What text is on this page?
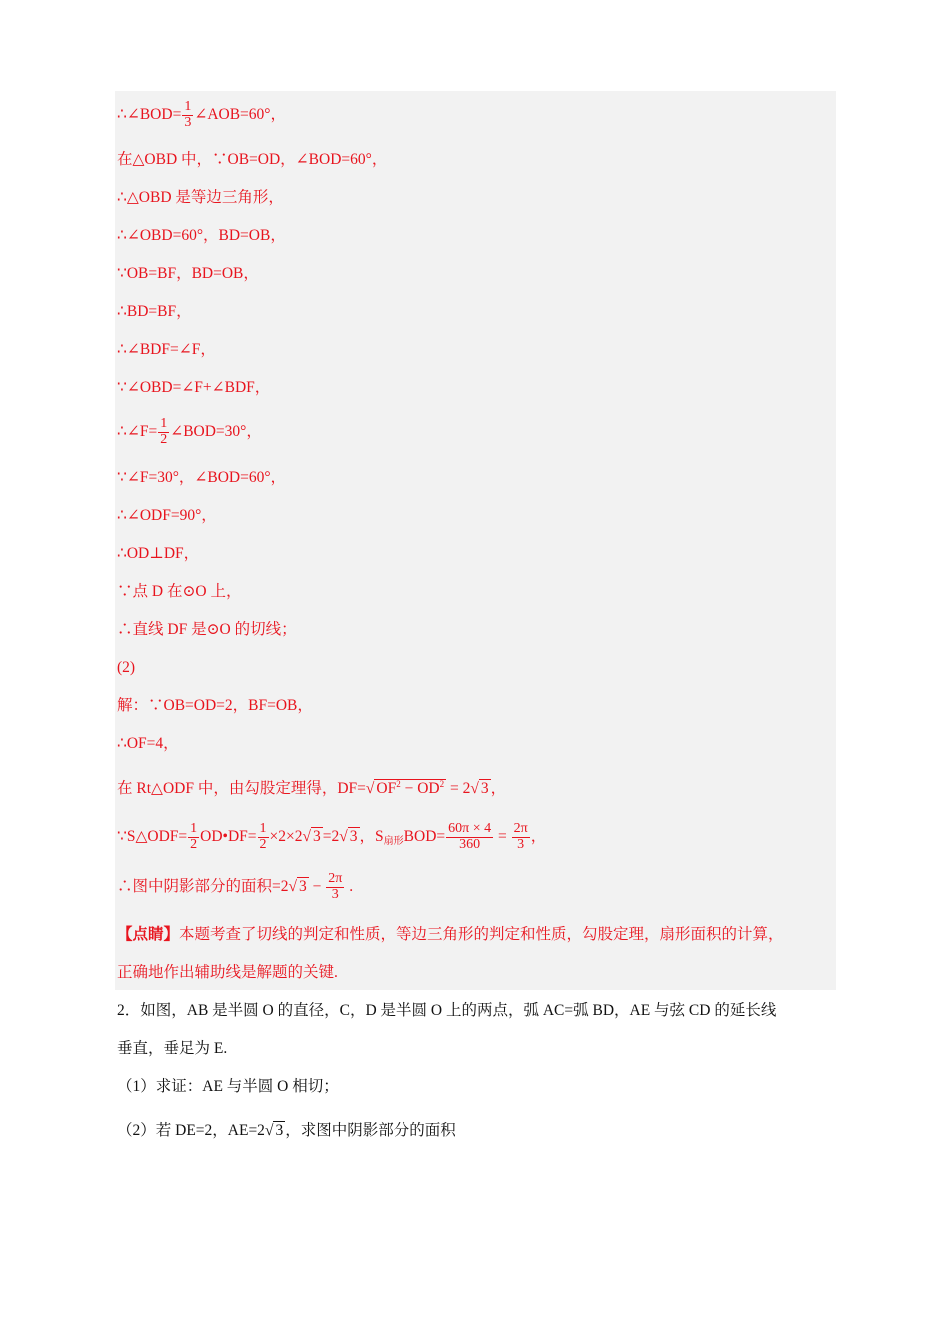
∴∠BOD= $\frac{1}{3}$ ∠AOB=60°，
在△OBD 中，∵OB=OD，∠BOD=60°，
∴△OBD 是等边三角形，
∴∠OBD=60°，BD=OB，
∵OB=BF，BD=OB，
∴BD=BF，
∴∠BDF=∠F，
∵∠OBD=∠F+∠BDF，
∴∠F= $\frac{1}{2}$ ∠BOD=30°，
∵∠F=30°，∠BOD=60°，
∴∠ODF=90°，
∴OD⊥DF，
∵点 D 在⊙O 上，
∴直线 DF 是⊙O 的切线；
(2)
解：∵OB=OD=2，BF=OB，
∴OF=4，
在 Rt△ODF 中，由勾股定理得，DF=√ $OF^2 - OD^2 = 2√$ 3 ，
∵S△ODF= $\frac{1}{2}$ OD•DF= $\frac{1}{2} \times 2\times 2√$ 3 =2√ 3 ，$S_{扇形}BOD= \frac{60\pi \times 4}{360} = \frac{2\pi}{3}$ ，
∴图中阴影部分的面积=2√ $3 - \frac{2\pi}{3}$ .
【点睛】本题考查了切线的判定和性质，等边三角形的判定和性质，勾股定理，扇形面积的计算，
正确地作出辅助线是解题的关键.
2．如图，AB 是半圆 O 的直径，C，D 是半圆 O 上的两点，弧 AC=弧 BD，AE 与弦 CD 的延长线
垂直，垂足为 E.
（1）求证：AE 与半圆 O 相切；
（2）若 DE=2，AE=2√ 3 ，求图中阴影部分的面积
